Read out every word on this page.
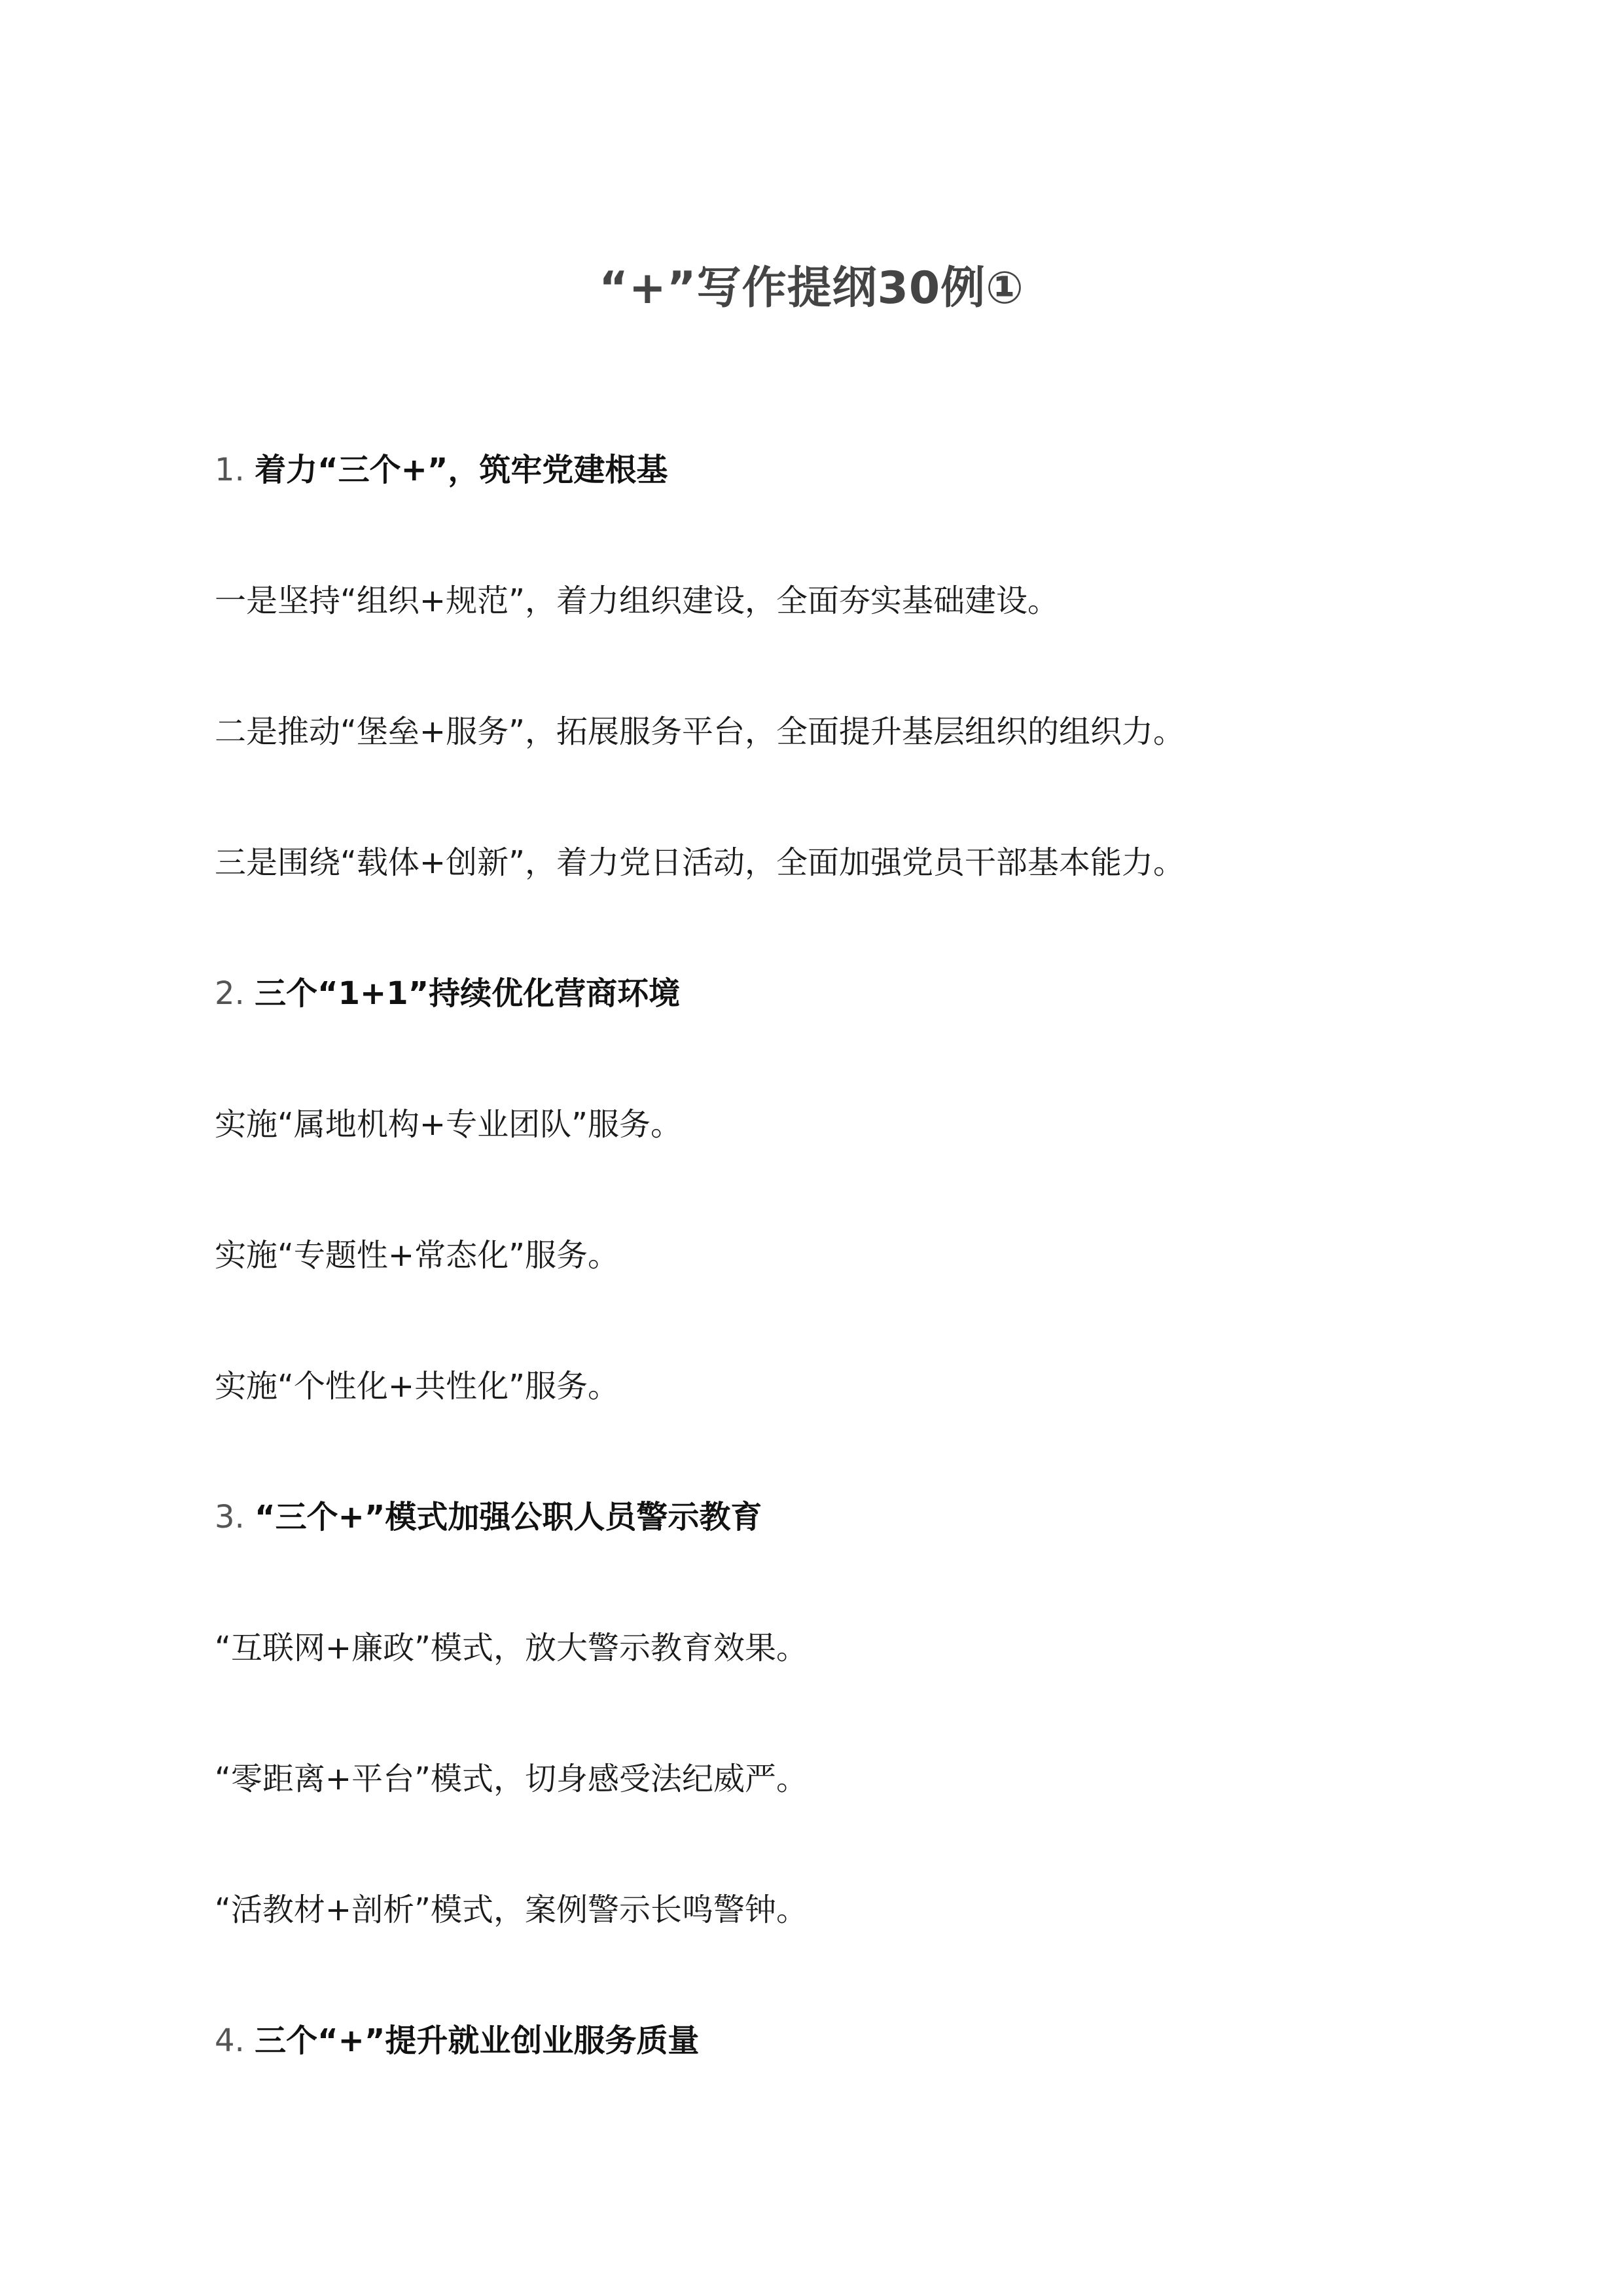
“+”写作提纲30例①
1. 着力“三个+”，筑牢党建根基
一是坚持“组织+规范”，着力组织建设，全面夯实基础建设。
二是推动“堡垒+服务”，拓展服务平台，全面提升基层组织的组织力。
三是围绕“载体+创新”，着力党日活动，全面加强党员干部基本能力。
2. 三个“1+1”持续优化营商环境
实施“属地机构+专业团队”服务。
实施“专题性+常态化”服务。
实施“个性化+共性化”服务。
3. “三个+”模式加强公职人员警示教育
“互联网+廉政”模式，放大警示教育效果。
“零距离+平台”模式，切身感受法纪威严。
“活教材+剖析”模式，案例警示长鸣警钟。
4. 三个“+”提升就业创业服务质量
